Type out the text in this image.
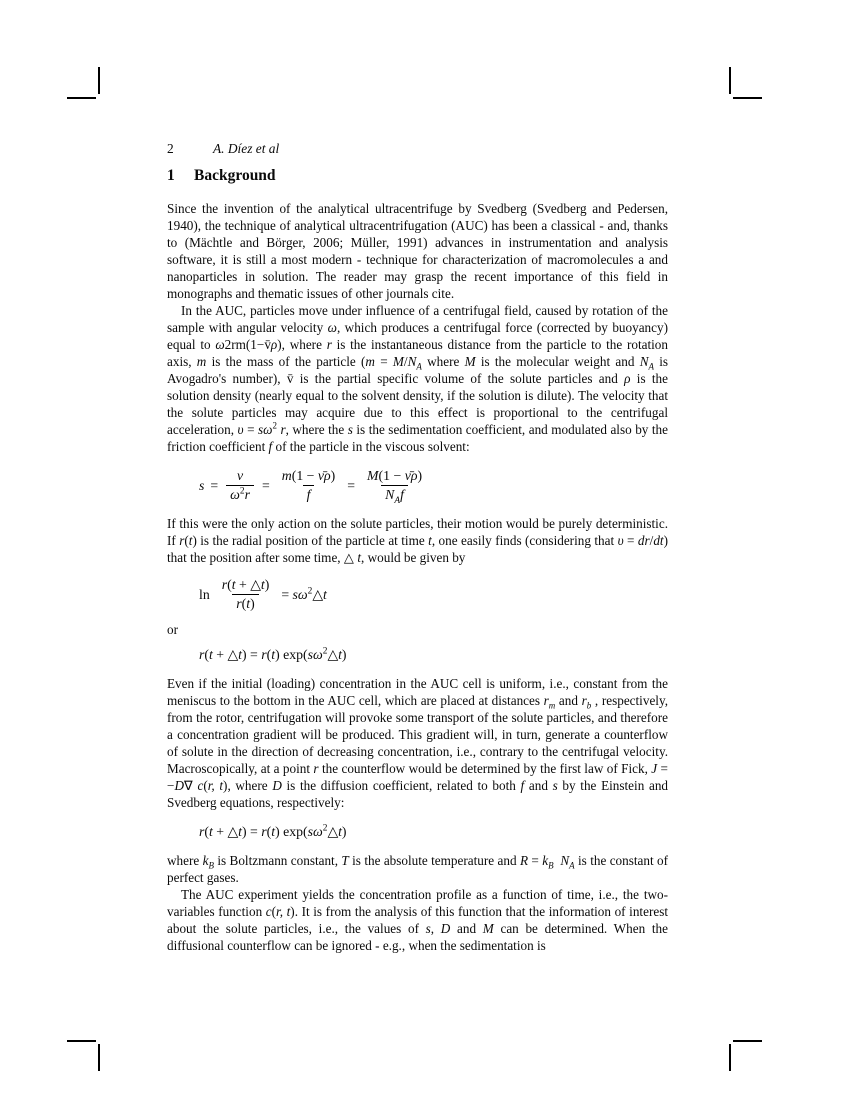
2	A. Díez et al
1	Background

Since the invention of the analytical ultracentrifuge by Svedberg (Svedberg and Pedersen, 1940), the technique of analytical ultracentrifugation (AUC) has been a classical - and, thanks to (Mächtle and Börger, 2006; Müller, 1991) advances in instrumentation and analysis software, it is still a most modern - technique for characterization of macromolecules a and nanoparticles in solution. The reader may grasp the recent importance of this field in monographs and thematic issues of other journals cite.

In the AUC, particles move under influence of a centrifugal field, caused by rotation of the sample with angular velocity ω, which produces a centrifugal force (corrected by buoyancy) equal to ω2rm(1−v̄ρ), where r is the instantaneous distance from the particle to the rotation axis, m is the mass of the particle ($m = M/N_A$ where M is the molecular weight and $N_A$ is Avogadro's number), v̄ is the partial specific volume of the solute particles and ρ is the solution density (nearly equal to the solvent density, if the solution is dilute). The velocity that the solute particles may acquire due to this effect is proportional to the centrifugal acceleration, $\upsilon = s\omega^2$ r, where the s is the sedimentation coefficient, and modulated also by the friction coefficient f of the particle in the viscous solvent:

$s = \frac{\nu}{\omega^2r} = \frac{m(1 - \nū\rho)}{f} = \frac{M(1 - \nū\rho)}{N_Af}$

If this were the only action on the solute particles, their motion would be purely deterministic. If r(t) is the radial position of the particle at time t, one easily finds (considering that υ = dr/dt) that the position after some time, △ t, would be given by

$\ln \frac{r(t + \triangle t)}{r(t)}$ = $s\omega^2\triangle t$

or

r(t + △t) = r(t) $\exp(s\omega^2\triangle t)$

Even if the initial (loading) concentration in the AUC cell is uniform, i.e., constant from the meniscus to the bottom in the AUC cell, which are placed at distances $r_m$ and $r_b$ , respectively, from the rotor, centrifugation will provoke some transport of the solute particles, and therefore a concentration gradient will be produced. This gradient will, in turn, generate a counterflow of solute in the direction of decreasing concentration, i.e., contrary to the centrifugal velocity. Macroscopically, at a point r the counterflow would be determined by the first law of Fick, J = −D∇ c(r, t), where D is the diffusion coefficient, related to both f and s by the Einstein and Svedberg equations, respectively:

r(t + △t) = r(t) $\exp(s\omega^2\triangle t)$

where $k_B$ is Boltzmann constant, T is the absolute temperature and $R = k_B$ $N_A$ is the constant of perfect gases.

The AUC experiment yields the concentration profile as a function of time, i.e., the two-variables function c(r, t). It is from the analysis of this function that the information of interest about the solute particles, i.e., the values of s, D and M can be determined. When the diffusional counterflow can be ignored - e.g., when the sedimentation is
